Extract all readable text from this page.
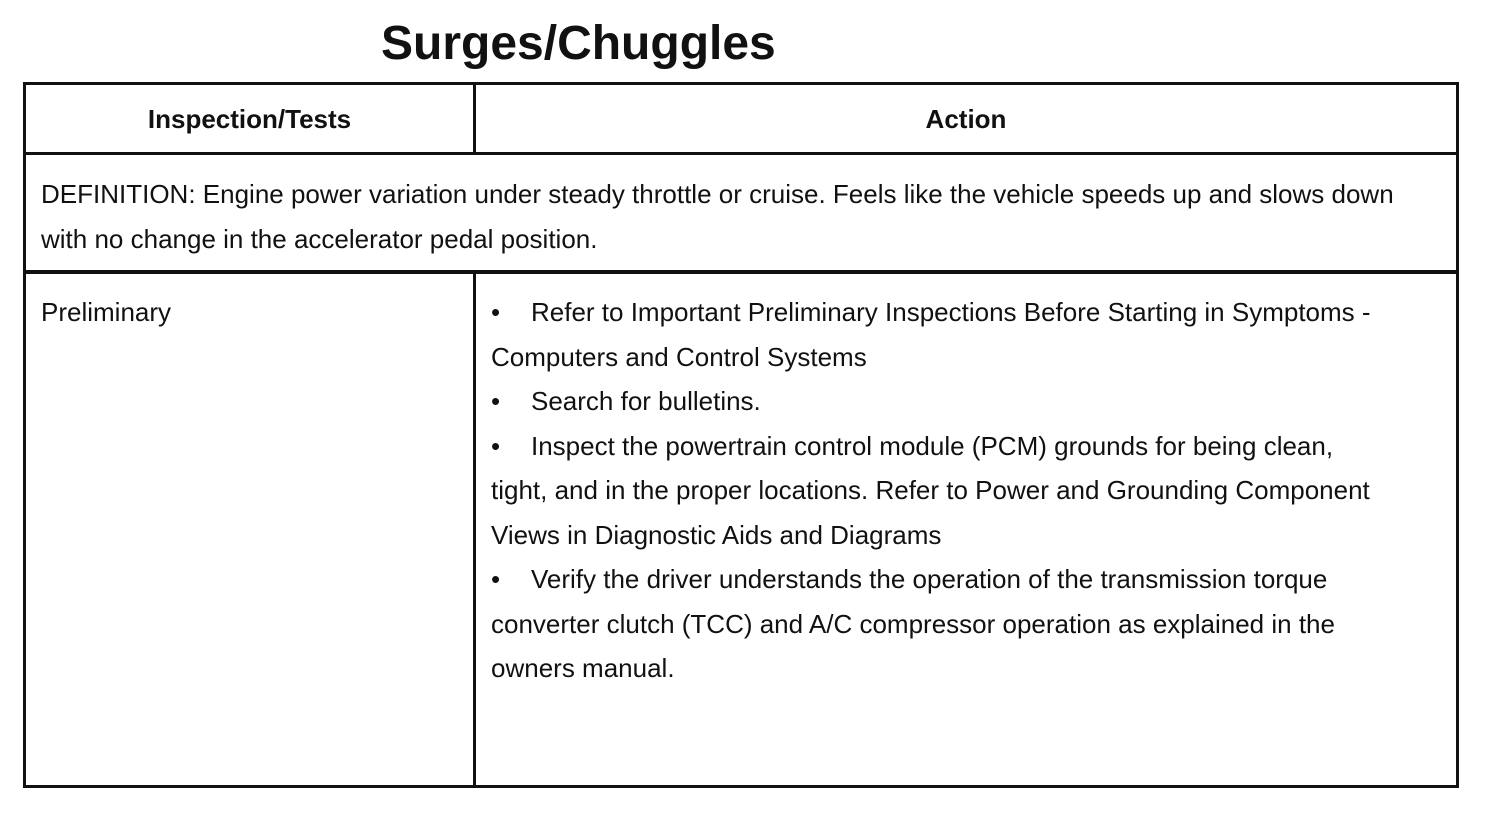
Surges/Chuggles
Inspection/Tests	Action
DEFINITION: Engine power variation under steady throttle or cruise. Feels like the vehicle speeds up and slows down with no change in the accelerator pedal position.
Preliminary	• Refer to Important Preliminary Inspections Before Starting in Symptoms - Computers and Control Systems
• Search for bulletins.
• Inspect the powertrain control module (PCM) grounds for being clean, tight, and in the proper locations. Refer to Power and Grounding Component Views in Diagnostic Aids and Diagrams
• Verify the driver understands the operation of the transmission torque converter clutch (TCC) and A/C compressor operation as explained in the owners manual.
